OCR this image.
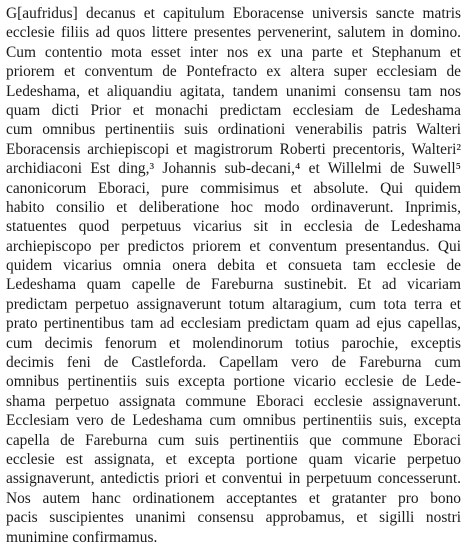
G[aufridus] decanus et capitulum Eboracense universis sancte matris
ecclesie filiis ad quos littere presentes pervenerint, salutem in domino.
Cum contentio mota esset inter nos ex una parte et Stephanum et
priorem et conventum de Pontefracto ex altera super ecclesiam de
Ledeshama, et aliquandiu agitata, tandem unanimi consensu tam nos
quam dicti Prior et monachi predictam ecclesiam de Ledeshama
cum omnibus pertinentiis suis ordinationi venerabilis patris Walteri
Eboracensis archiepiscopi et magistrorum Roberti precentoris, Walteri²
archidiaconi Est ding,³ Johannis sub-decani,⁴ et Willelmi de Suwell⁵
canonicorum Eboraci, pure commisimus et absolute. Qui quidem
habito consilio et deliberatione hoc modo ordinaverunt. Inprimis,
statuentes quod perpetuus vicarius sit in ecclesia de Ledeshama
archiepiscopo per predictos priorem et conventum presentandus. Qui
quidem vicarius omnia onera debita et consueta tam ecclesie de
Ledeshama quam capelle de Fareburna sustinebit. Et ad vicariam
predictam perpetuo assignaverunt totum altaragium, cum tota terra et
prato pertinentibus tam ad ecclesiam predictam quam ad ejus capellas,
cum decimis fenorum et molendinorum totius parochie, exceptis
decimis feni de Castleforda. Capellam vero de Fareburna cum
omnibus pertinentiis suis excepta portione vicario ecclesie de Lede-
shama perpetuo assignata commune Eboraci ecclesie assignaverunt.
Ecclesiam vero de Ledeshama cum omnibus pertinentiis suis, excepta
capella de Fareburna cum suis pertinentiis que commune Eboraci
ecclesie est assignata, et excepta portione quam vicarie perpetuo
assignaverunt, antedictis priori et conventui in perpetuum concesserunt.
Nos autem hanc ordinationem acceptantes et gratanter pro bono
pacis suscipientes unanimi consensu approbamus, et sigilli nostri
munimine confirmamus.
